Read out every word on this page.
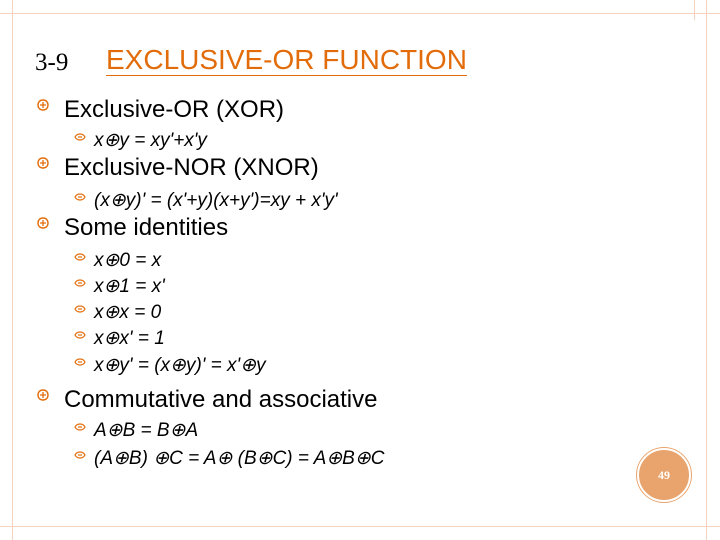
3-9 EXCLUSIVE-OR FUNCTION
Exclusive-OR (XOR)
x⊕y = xy'+x'y
Exclusive-NOR (XNOR)
(x⊕y)' = (x'+y)(x+y')=xy + x'y'
Some identities
x⊕0 = x
x⊕1 = x'
x⊕x = 0
x⊕x' = 1
x⊕y' = (x⊕y)' = x'⊕y
Commutative and associative
A⊕B = B⊕A
(A⊕B) ⊕C = A⊕ (B⊕C) = A⊕B⊕C
49
